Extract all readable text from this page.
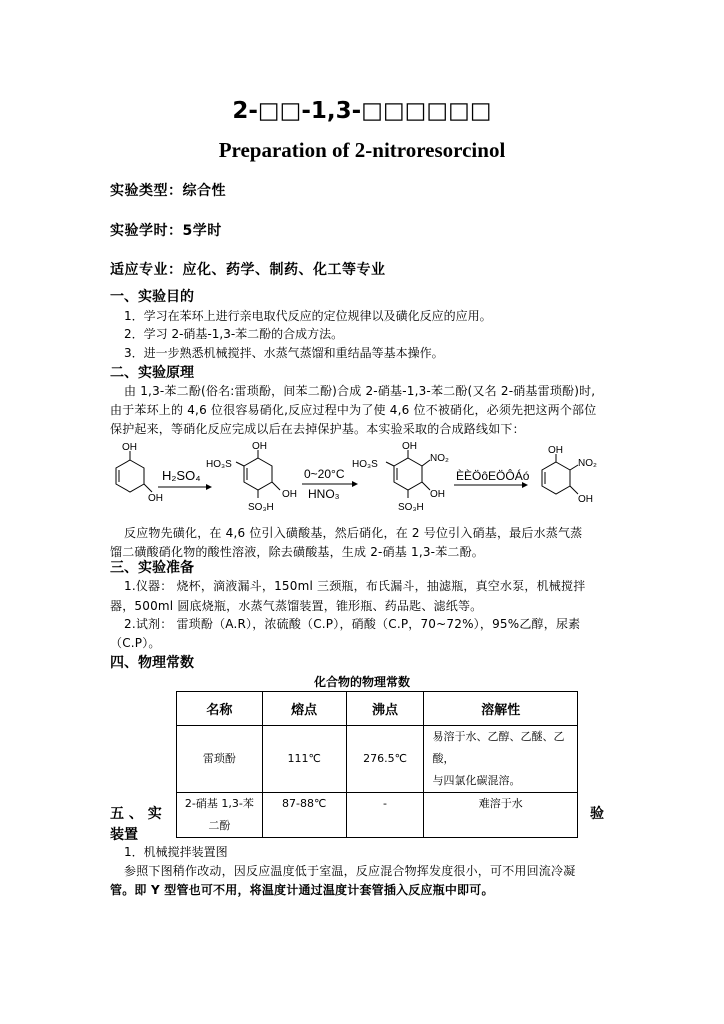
2-□□-1,3-□□□□□□
Preparation of 2-nitroresorcinol
实验类型：综合性
实验学时：5学时
适应专业：应化、药学、制药、化工等专业
一、实验目的
1．学习在苯环上进行亲电取代反应的定位规律以及磺化反应的应用。
2．学习 2-硝基-1,3-苯二酚的合成方法。
3．进一步熟悉机械搅拌、水蒸气蒸馏和重结晶等基本操作。
二、实验原理
由 1,3-苯二酚(俗名:雷琐酚，间苯二酚)合成 2-硝基-1,3-苯二酚(又名 2-硝基雷琐酚)时,
由于苯环上的 4,6 位很容易硝化,反应过程中为了使 4,6 位不被硝化，必须先把这两个部位
保护起来，等硝化反应完成以后在去掉保护基。本实验采取的合成路线如下：
OH
OH
H₂SO₄
OH
HO₃S
OH
SO₃H
0~20°C
HNO₃
OH
HO₃S
NO₂
OH
SO₃H
ÈÈÖôEÖÔÁó
OH
NO₂
OH
反应物先磺化，在 4,6 位引入磺酸基，然后硝化，在 2 号位引入硝基，最后水蒸气蒸
馏二磺酸硝化物的酸性溶液，除去磺酸基，生成 2-硝基 1,3-苯二酚。
三、实验准备
1.仪器： 烧杯，滴液漏斗，150ml 三颈瓶，布氏漏斗，抽滤瓶，真空水泵，机械搅拌
器，500ml 圆底烧瓶，水蒸气蒸馏装置，锥形瓶、药品匙、滤纸等。
2.试剂： 雷琐酚（A.R），浓硫酸（C.P），硝酸（C.P，70~72%），95%乙醇，尿素
（C.P）。
四、物理常数
化合物的物理常数
名称	熔点	沸点	溶解性
雷琐酚	111℃	276.5℃	易溶于水、乙醇、乙醚、乙酸，
与四氯化碳混溶。

2-硝基 1,3-苯
二酚	87-88℃	-	难溶于水
五 、 实	验
装置
1．机械搅拌装置图
参照下图稍作改动，因反应温度低于室温，反应混合物挥发度很小，可不用回流冷凝
管。即 Y 型管也可不用，将温度计通过温度计套管插入反应瓶中即可。
